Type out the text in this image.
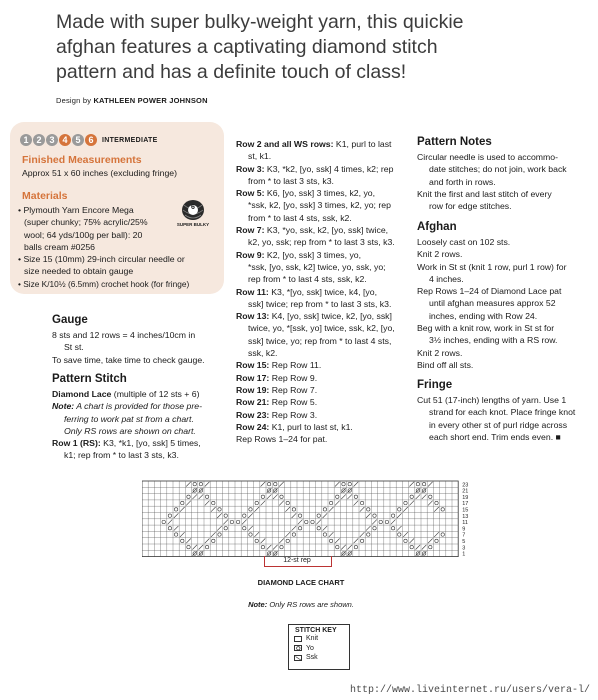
Made with super bulky-weight yarn, this quickie
afghan features a captivating diamond stitch
pattern and has a definite touch of class!
Design by KATHLEEN POWER JOHNSON
1 2 3 4 5 6	INTERMEDIATE
Finished Measurements
Approx 51 x 60 inches (excluding fringe)
Materials
• Plymouth Yarn Encore Mega
(super chunky; 75% acrylic/25%
wool; 64 yds/100g per ball): 20
balls cream #0256
• Size 15 (10mm) 29-inch circular needle or
size needed to obtain gauge
• Size K/10½ (6.5mm) crochet hook (for fringe)
6
SUPER BULKY
Gauge
8 sts and 12 rows = 4 inches/10cm in
St st.
To save time, take time to check gauge.
Pattern Stitch
Diamond Lace (multiple of 12 sts + 6)
Note: A chart is provided for those pre-
ferring to work pat st from a chart.
Only RS rows are shown on chart.
Row 1 (RS): K3, *k1, [yo, ssk] 5 times,
k1; rep from * to last 3 sts, k3.
Row 2 and all WS rows: K1, purl to last
st, k1.
Row 3: K3, *k2, [yo, ssk] 4 times, k2; rep
from * to last 3 sts, k3.
Row 5: K6, [yo, ssk] 3 times, k2, yo,
*ssk, k2, [yo, ssk] 3 times, k2, yo; rep
from * to last 4 sts, ssk, k2.
Row 7: K3, *yo, ssk, k2, [yo, ssk] twice,
k2, yo, ssk; rep from * to last 3 sts, k3.
Row 9: K2, [yo, ssk] 3 times, yo,
*ssk, [yo, ssk, k2] twice, yo, ssk, yo;
rep from * to last 4 sts, ssk, k2.
Row 11: K3, *[yo, ssk] twice, k4, [yo,
ssk] twice; rep from * to last 3 sts, k3.
Row 13: K4, [yo, ssk] twice, k2, [yo, ssk]
twice, yo, *[ssk, yo] twice, ssk, k2, [yo,
ssk] twice, yo; rep from * to last 4 sts,
ssk, k2.
Row 15: Rep Row 11.
Row 17: Rep Row 9.
Row 19: Rep Row 7.
Row 21: Rep Row 5.
Row 23: Rep Row 3.
Row 24: K1, purl to last st, k1.
Rep Rows 1–24 for pat.
Pattern Notes
Circular needle is used to accommo-
date stitches; do not join, work back
and forth in rows.
Knit the first and last stitch of every
row for edge stitches.
Afghan
Loosely cast on 102 sts.
Knit 2 rows.
Work in St st (knit 1 row, purl 1 row) for
4 inches.
Rep Rows 1–24 of Diamond Lace pat
until afghan measures approx 52
inches, ending with Row 24.
Beg with a knit row, work in St st for
3½ inches, ending with a RS row.
Knit 2 rows.
Bind off all sts.
Fringe
Cut 51 (17-inch) lengths of yarn. Use 1
strand for each knot. Place fringe knot
in every other st of purl ridge across
each short end. Trim ends even. ■
23
21
19
17
15
13
11
9
7
5
3
1
12-st rep
DIAMOND LACE CHART
Note: Only RS rows are shown.
STITCH KEY
Knit
Yo
Ssk
http://www.liveinternet.ru/users/vera-l/
